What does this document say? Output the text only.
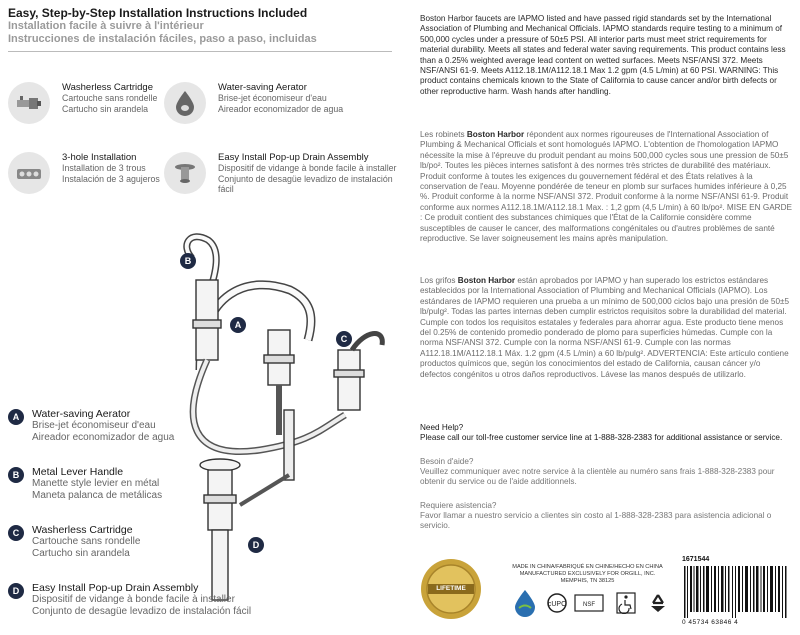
Easy, Step-by-Step Installation Instructions Included
Installation facile à suivre à l'intérieur
Instrucciones de instalación fáciles, paso a paso, incluidas
Washerless Cartridge
Cartouche sans rondelle
Cartucho sin arandela
Water-saving Aerator
Brise-jet économiseur d'eau
Aireador economizador de agua
3-hole Installation
Installation de 3 trous
Instalación de 3 agujeros
Easy Install Pop-up Drain Assembly
Dispositif de vidange à bonde facile à installer
Conjunto de desagüe levadizo de instalación fácil
A
B
C
D
A	Water-saving Aerator
Brise-jet économiseur d'eau
Aireador economizador de agua
B	Metal Lever Handle
Manette style levier en métal
Maneta palanca de metálicas
C	Washerless Cartridge
Cartouche sans rondelle
Cartucho sin arandela
D	Easy Install Pop-up Drain Assembly
Dispositif de vidange à bonde facile à installer
Conjunto de desagüe levadizo de instalación fácil
Boston Harbor faucets are IAPMO listed and have passed rigid standards set by the International Association of Plumbing and Mechanical Officials. IAPMO standards require testing to a minimum of 500,000 cycles under a pressure of 50±5 PSI. All interior parts must meet strict requirements for material durability. Meets all states and federal water saving requirements. This product contains less than a 0.25% weighted average lead content on wetted surfaces. Meets NSF/ANSI 372. Meets NSF/ANSI 61-9. Meets A112.18.1M/A112.18.1 Max 1.2 gpm (4.5 L/min) at 60 PSI. WARNING: This product contains chemicals known to the State of California to cause cancer and/or birth defects or other reproductive harm. Wash hands after handling.
Les robinets Boston Harbor répondent aux normes rigoureuses de l'International Association of Plumbing & Mechanical Officials et sont homologués IAPMO. L'obtention de l'homologation IAPMO nécessite la mise à l'épreuve du produit pendant au moins 500,000 cycles sous une pression de 50±5 lb/po². Toutes les pièces internes satisfont à des normes très strictes de durabilité des matériaux. Produit conforme à toutes les exigences du gouvernement fédéral et des États relatives à la conservation de l'eau. Moyenne pondérée de teneur en plomb sur surfaces humides inférieure à 0,25 %. Produit conforme à la norme NSF/ANSI 372. Produit conforme à la norme NSF/ANSI 61-9. Produit conforme aux normes A112.18.1M/A112.18.1 Max. : 1,2 gpm (4,5 L/min) à 60 lb/po². MISE EN GARDE : Ce produit contient des substances chimiques que l'État de la Californie considère comme susceptibles de causer le cancer, des malformations congénitales ou d'autres problèmes de santé reproductive. Se laver soigneusement les mains après manipulation.
Los grifos Boston Harbor están aprobados por IAPMO y han superado los estrictos estándares establecidos por la International Association of Plumbing and Mechanical Officials (IAPMO). Los estándares de IAPMO requieren una prueba a un mínimo de 500,000 ciclos bajo una presión de 50±5 lb/pulg². Todas las partes internas deben cumplir estrictos requisitos sobre la durabilidad del material. Cumple con todos los requisitos estatales y federales para ahorrar agua. Este producto tiene menos del 0.25% de contenido promedio ponderado de plomo para superficies húmedas. Cumple con la norma NSF/ANSI 372. Cumple con la norma NSF/ANSI 61-9. Cumple con las normas A112.18.1M/A112.18.1 Máx. 1.2 gpm (4.5 L/min) a 60 lb/pulg². ADVERTENCIA: Este artículo contiene productos químicos que, según los conocimientos del estado de California, causan cáncer y/o defectos congénitos u otros daños reproductivos. Lávese las manos después de utilizarlo.
Need Help?
Please call our toll-free customer service line at 1-888-328-2383 for additional assistance or service.
Besoin d'aide?
Veuillez communiquer avec notre service à la clientèle au numéro sans frais 1-888-328-2383 pour obtenir du service ou de l'aide additionnels.
Requiere asistencia?
Favor llamar a nuestro servicio a clientes sin costo al 1-888-328-2383 para asistencia adicional o servicio.
LIFETIME
MADE IN CHINA/FABRIQUÉ EN CHINE/HECHO EN CHINA
MANUFACTURED EXCLUSIVELY FOR ORGILL, INC.
MEMPHIS, TN 38125
cUPC	NSF
1671544
0 45734 63846 4
